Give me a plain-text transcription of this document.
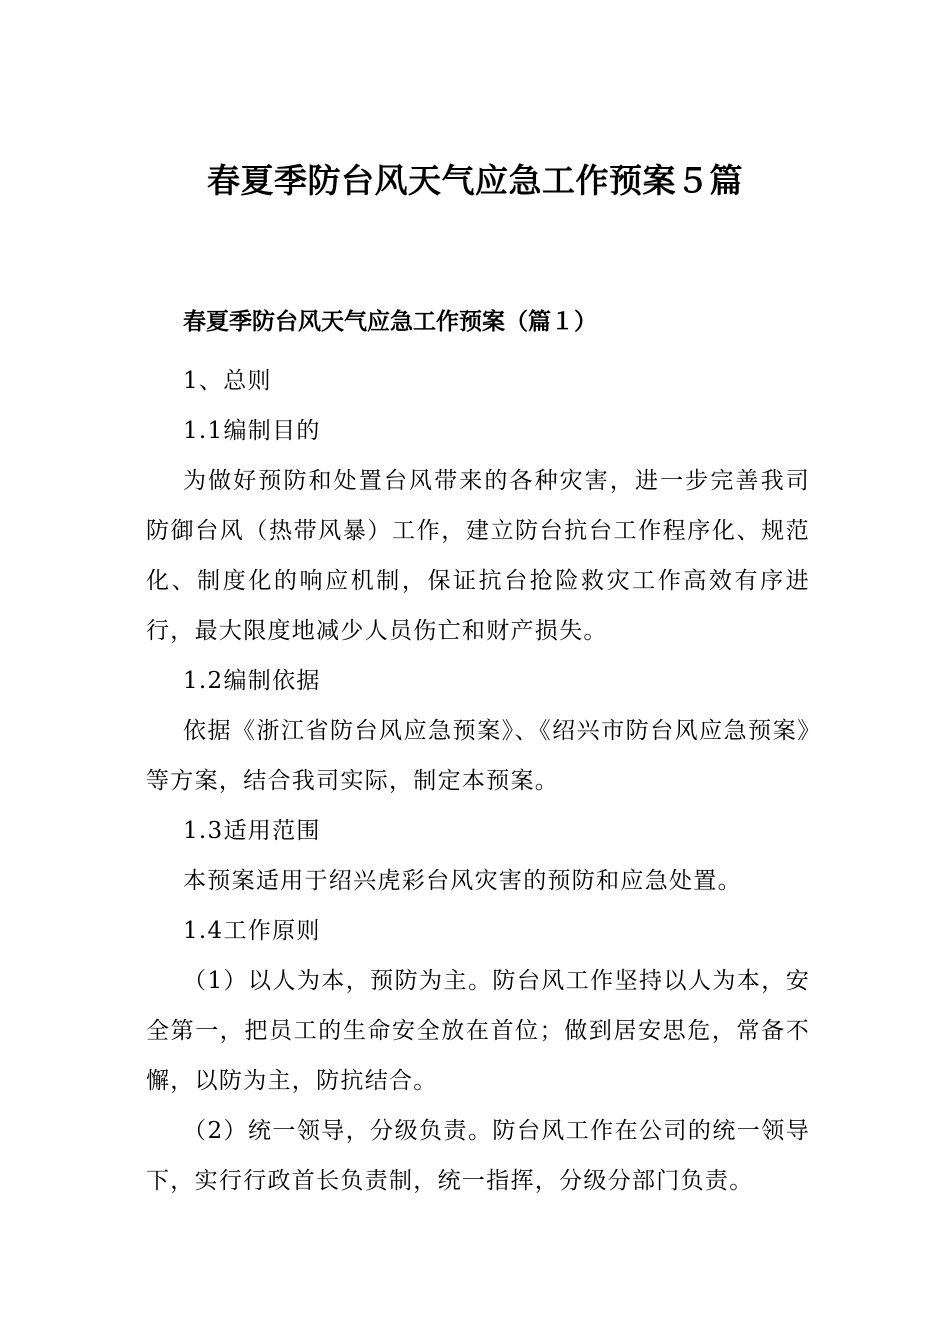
春夏季防台风天气应急工作预案５篇
春夏季防台风天气应急工作预案（篇１）

1、总则

1.1编制目的

为做好预防和处置台风带来的各种灾害，进一步完善我司防御台风（热带风暴）工作，建立防台抗台工作程序化、规范化、制度化的响应机制，保证抗台抢险救灾工作高效有序进行，最大限度地减少人员伤亡和财产损失。

1.2编制依据

依据《浙江省防台风应急预案》、《绍兴市防台风应急预案》等方案，结合我司实际，制定本预案。

1.3适用范围

本预案适用于绍兴虎彩台风灾害的预防和应急处置。

1.4工作原则

（1）以人为本，预防为主。防台风工作坚持以人为本，安全第一，把员工的生命安全放在首位；做到居安思危，常备不懈，以防为主，防抗结合。

（2）统一领导，分级负责。防台风工作在公司的统一领导下，实行行政首长负责制，统一指挥，分级分部门负责。
